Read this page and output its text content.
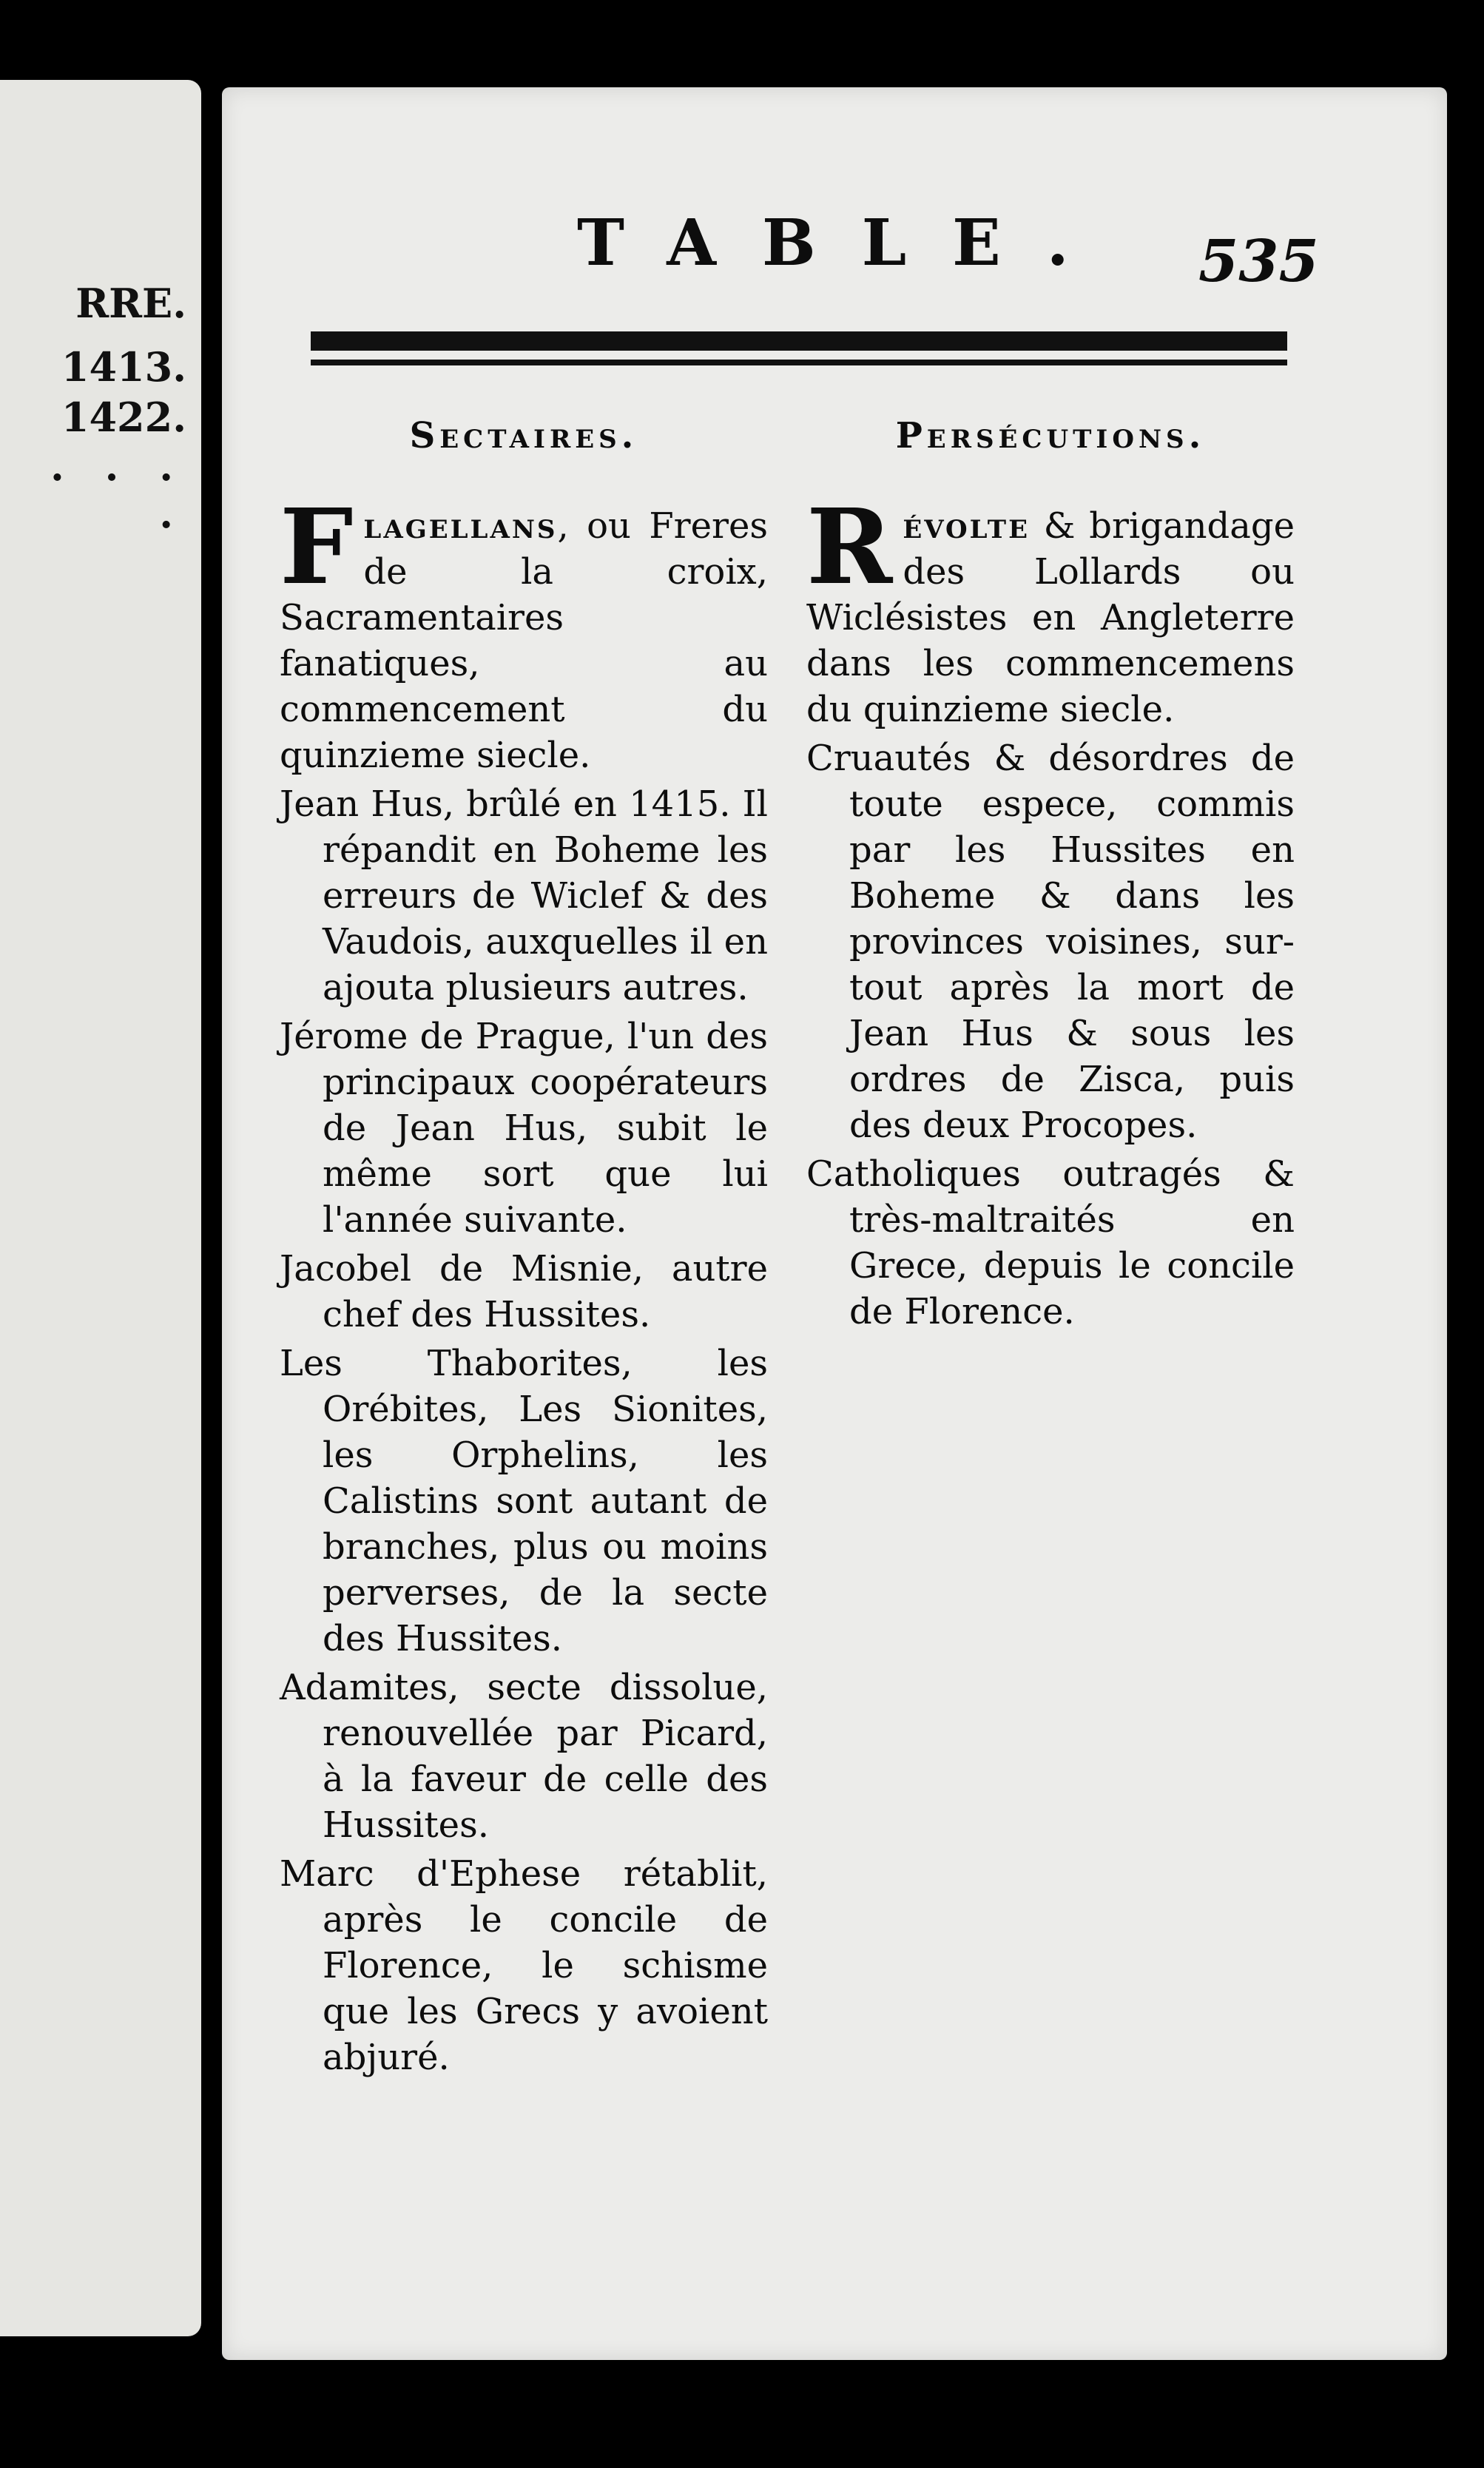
RRE.
1413.
1422.
. . . .
TABLE. 535
Sectaires.

Flagellans, ou Freres de la croix, Sacramentaires fanatiques, au commencement du quinzieme siecle.

Jean Hus, brûlé en 1415. Il répandit en Boheme les erreurs de Wiclef & des Vaudois, auxquelles il en ajouta plusieurs autres.

Jérome de Prague, l'un des principaux coopérateurs de Jean Hus, subit le même sort que lui l'année suivante.

Jacobel de Misnie, autre chef des Hussites.

Les Thaborites, les Orébites, Les Sionites, les Orphelins, les Calistins sont autant de branches, plus ou moins perverses, de la secte des Hussites.

Adamites, secte dissolue, renouvellée par Picard, à la faveur de celle des Hussites.

Marc d'Ephese rétablit, après le concile de Florence, le schisme que les Grecs y avoient abjuré.

Persécutions.

Révolte & brigandage des Lollards ou Wiclésistes en Angleterre dans les commencemens du quinzieme siecle.

Cruautés & désordres de toute espece, commis par les Hussites en Boheme & dans les provinces voisines, sur-tout après la mort de Jean Hus & sous les ordres de Zisca, puis des deux Procopes.

Catholiques outragés & très-maltraités en Grece, depuis le concile de Florence.
